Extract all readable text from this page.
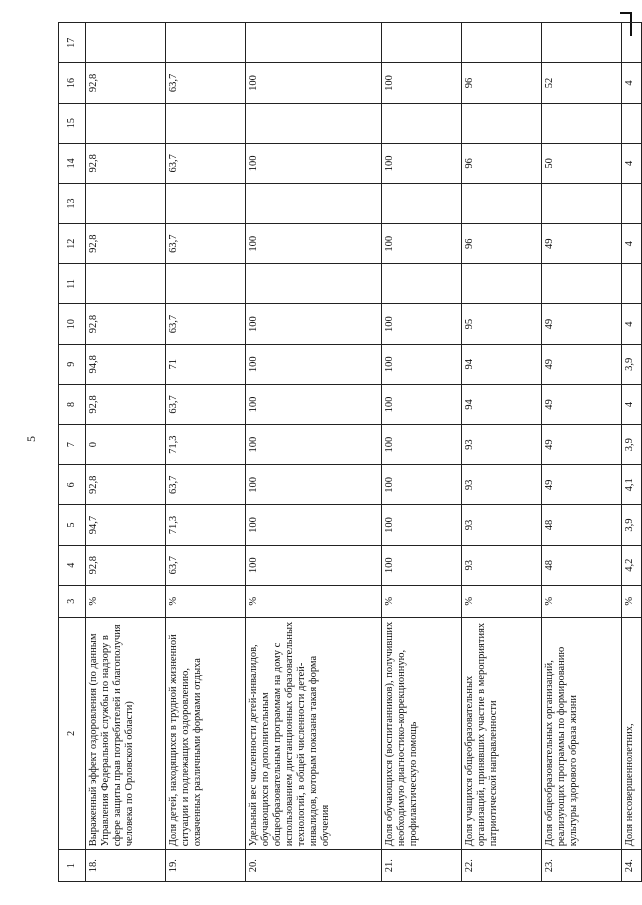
5
1	2	3	4	5	6	7	8	9	10	11	12	13	14	15	16	17
18.	Выраженный эффект оздоровления (по данным Управления Федеральной службы по надзору в сфере защиты прав потребителей и благополучия человека по Орловской области)	%	92,8	94,7	92,8	0	92,8	94,8	92,8		92,8		92,8		92,8	
19.	Доля детей, находящихся в трудной жизненной ситуации и подлежащих оздоровлению, охваченных различными формами отдыха	%	63,7	71,3	63,7	71,3	63,7	71	63,7		63,7		63,7		63,7	
20.	Удельный вес численности детей-инвалидов, обучающихся по дополнительным общеобразовательным программам на дому с использованием дистанционных образовательных технологий, в общей численности детей-инвалидов, которым показана такая форма обучения	%	100	100	100	100	100	100	100		100		100		100	
21.	Доля обучающихся (воспитанников), получивших необходимую диагностико-коррекционную, профилактическую помощь	%	100	100	100	100	100	100	100		100		100		100	
22.	Доля учащихся общеобразовательных организаций, принявших участие в мероприятиях патриотической направленности	%	93	93	93	93	94	94	95		96		96		96	
23.	Доля общеобразовательных организаций, реализующих программы по формированию культуры здорового образа жизни	%	48	48	49	49	49	49	49		49		50		52	
24.	Доля несовершеннолетних,	%	4,2	3,9	4,1	3,9	4	3,9	4		4		4		4	
